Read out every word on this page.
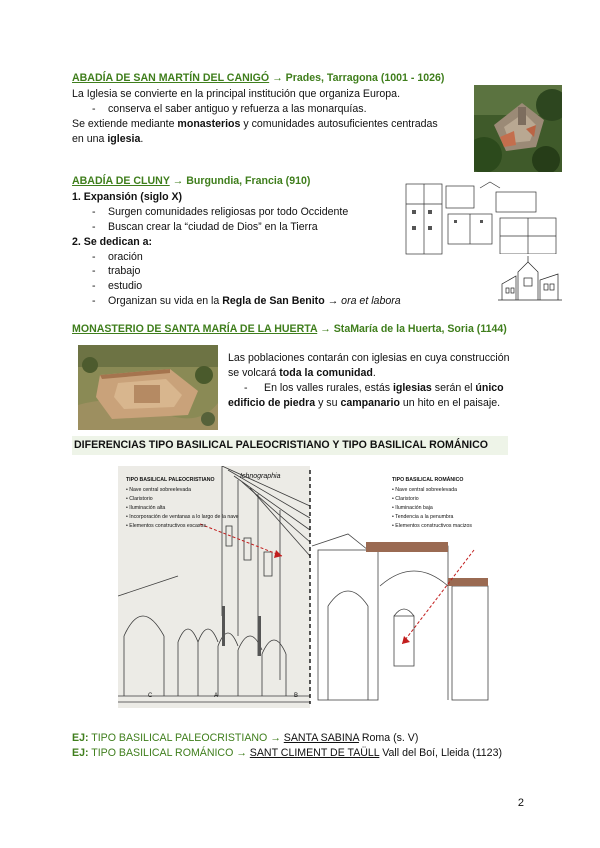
ABADÍA DE SAN MARTÍN DEL CANIGÓ → Prades, Tarragona (1001 - 1026)
La Iglesia se convierte en la principal institución que organiza Europa.
- conserva el saber antiguo y refuerza a las monarquías.
Se extiende mediante monasterios y comunidades autosuficientes centradas
en una iglesia.
ABADÍA DE CLUNY → Burgundia, Francia (910)
1. Expansión (siglo X)
- Surgen comunidades religiosas por todo Occidente
- Buscan crear la “ciudad de Dios” en la Tierra
2. Se dedican a:
- oración
- trabajo
- estudio
- Organizan su vida en la Regla de San Benito → ora et labora
MONASTERIO DE SANTA MARÍA DE LA HUERTA → StaMaría de la Huerta, Soria (1144)
Las poblaciones contarán con iglesias en cuya construcción
se volcará toda la comunidad.
- En los valles rurales, estás iglesias serán el único
edificio de piedra y su campanario un hito en el paisaje.
DIFERENCIAS TIPO BASILICAL PALEOCRISTIANO Y TIPO BASILICAL ROMÁNICO
TIPO BASILICAL PALEOCRISTIANO
• Nave central sobreelevada
• Claristorio
• Iluminación alta
• Incorporación de ventanas a lo largo de la nave
• Elementos constructivos escasos
Ichnographia
C	A	B
TIPO BASILICAL ROMÁNICO
• Nave central sobreelevada
• Claristorio
• Iluminación baja
• Tendencia a la penumbra
• Elementos constructivos macizos
EJ: TIPO BASILICAL PALEOCRISTIANO → SANTA SABINA Roma (s. V)
EJ: TIPO BASILICAL ROMÁNICO → SANT CLIMENT DE TAÜLL Vall del Boí, Lleida (1123)
2
